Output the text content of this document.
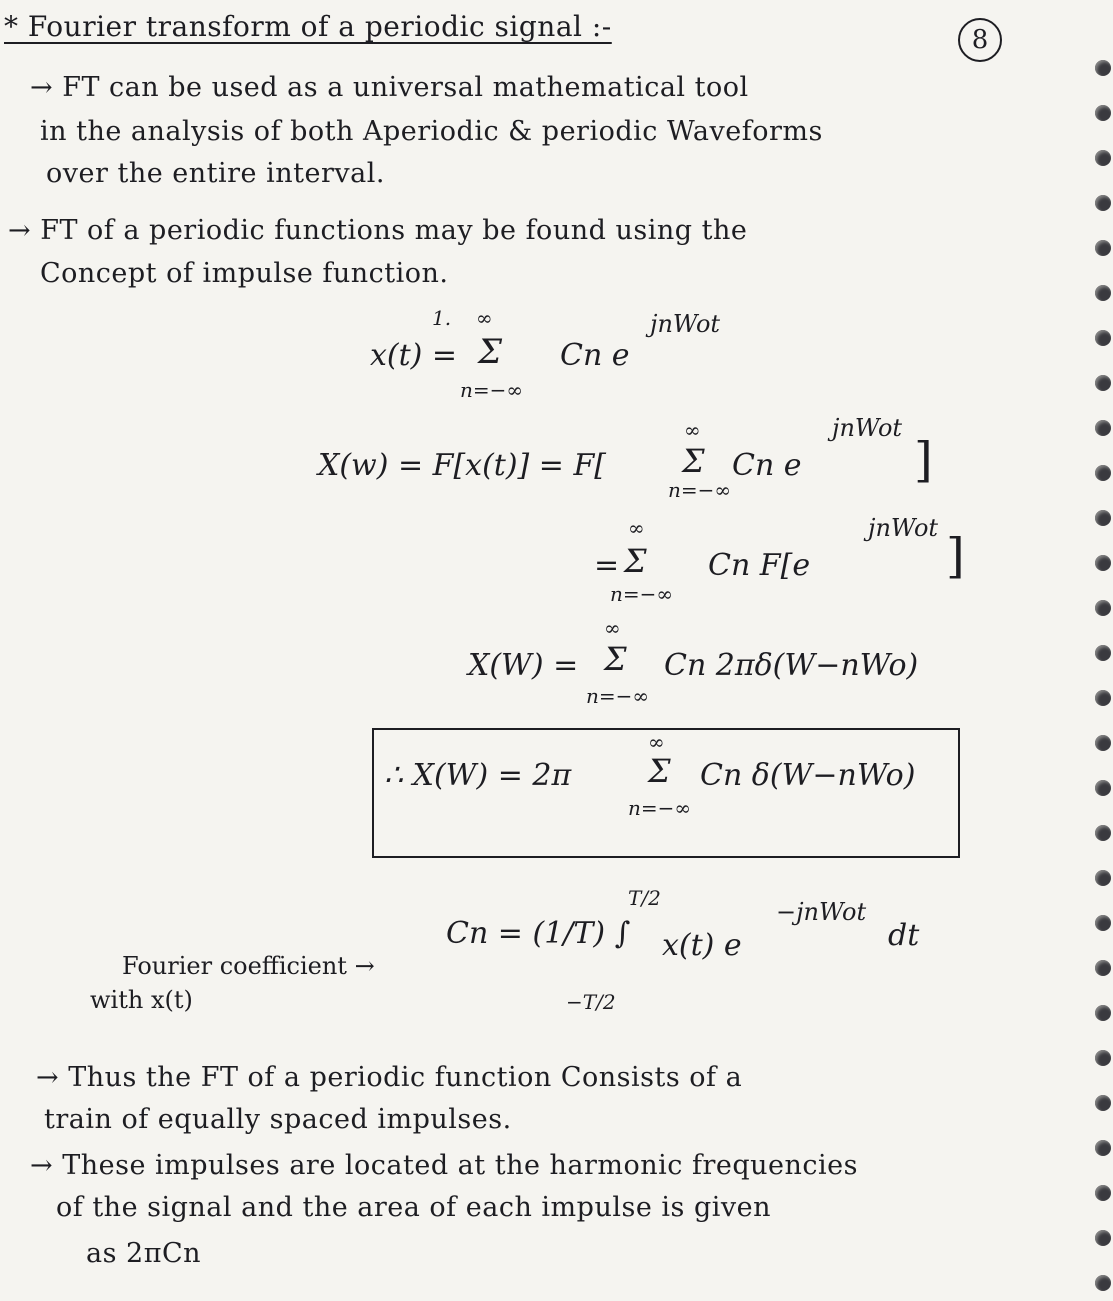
8
* Fourier transform of a periodic signal :-
→ FT can be used as a universal mathematical tool
in the analysis of both Aperiodic & periodic Waveforms
over the entire interval.
→ FT of a periodic functions may be found using the
Concept of impulse function.
1.
x(t) = Σ
∞
n=−∞
Cn e
jnWot
X(w) = F[x(t)] = F[ Σ
∞
n=−∞
Cn e
jnWot
]
= Σ
∞
n=−∞
Cn F[e
jnWot ]
X(W) = Σ
∞
n=−∞
Cn 2πδ(W−nWo)
∴ X(W) = 2π Σ
∞
n=−∞
Cn δ(W−nWo)
Cn = (1/T) ∫
T/2
−T/2
x(t) e
−jnWot
dt
Fourier coefficient →
with x(t)
→ Thus the FT of a periodic function Consists of a
train of equally spaced impulses.
→ These impulses are located at the harmonic frequencies
of the signal and the area of each impulse is given
as 2πCn
